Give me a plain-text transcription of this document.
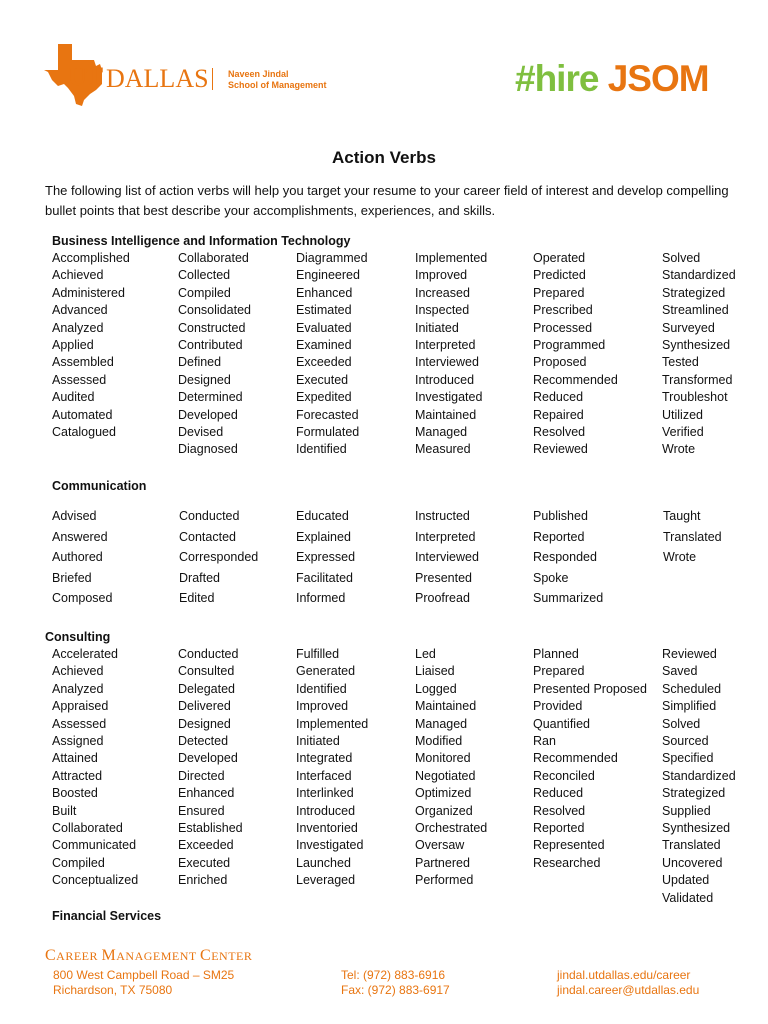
UT DALLAS Naveen Jindal
School of Management	#hire JSOM
Action Verbs
The following list of action verbs will help you target your resume to your career field of interest and develop compelling bullet points that best describe your accomplishments, experiences, and skills.
Business Intelligence and Information Technology
Accomplished
Achieved
Administered
Advanced
Analyzed
Applied
Assembled
Assessed
Audited
Automated
Catalogued
Collaborated
Collected
Compiled
Consolidated
Constructed
Contributed
Defined
Designed
Determined
Developed
Devised
Diagnosed
Diagrammed
Engineered
Enhanced
Estimated
Evaluated
Examined
Exceeded
Executed
Expedited
Forecasted
Formulated
Identified
Implemented
Improved
Increased
Inspected
Initiated
Interpreted
Interviewed
Introduced
Investigated
Maintained
Managed
Measured
Operated
Predicted
Prepared
Prescribed
Processed
Programmed
Proposed
Recommended
Reduced
Repaired
Resolved
Reviewed
Solved
Standardized
Strategized
Streamlined
Surveyed
Synthesized
Tested
Transformed
Troubleshot
Utilized
Verified
Wrote
Communication
Advised
Answered
Authored
Briefed
Composed
Conducted
Contacted
Corresponded
Drafted
Edited
Educated
Explained
Expressed
Facilitated
Informed
Instructed
Interpreted
Interviewed
Presented
Proofread
Published
Reported
Responded
Spoke
Summarized
Taught
Translated
Wrote
Consulting
Accelerated
Achieved
Analyzed
Appraised
Assessed
Assigned
Attained
Attracted
Boosted
Built
Collaborated
Communicated
Compiled
Conceptualized
Conducted
Consulted
Delegated
Delivered
Designed
Detected
Developed
Directed
Enhanced
Ensured
Established
Exceeded
Executed
Enriched
Fulfilled
Generated
Identified
Improved
Implemented
Initiated
Integrated
Interfaced
Interlinked
Introduced
Inventoried
Investigated
Launched
Leveraged
Led
Liaised
Logged
Maintained
Managed
Modified
Monitored
Negotiated
Optimized
Organized
Orchestrated
Oversaw
Partnered
Performed
Planned
Prepared
Presented Proposed
Provided
Quantified
Ran
Recommended
Reconciled
Reduced
Resolved
Reported
Represented
Researched
Reviewed
Saved
Scheduled
Simplified
Solved
Sourced
Specified
Standardized
Strategized
Supplied
Synthesized
Translated
Uncovered
Updated
Validated
Financial Services
CAREER MANAGEMENT CENTER
800 West Campbell Road – SM25
Richardson, TX 75080
Tel: (972) 883-6916
Fax: (972) 883-6917
jindal.utdallas.edu/career
jindal.career@utdallas.edu
